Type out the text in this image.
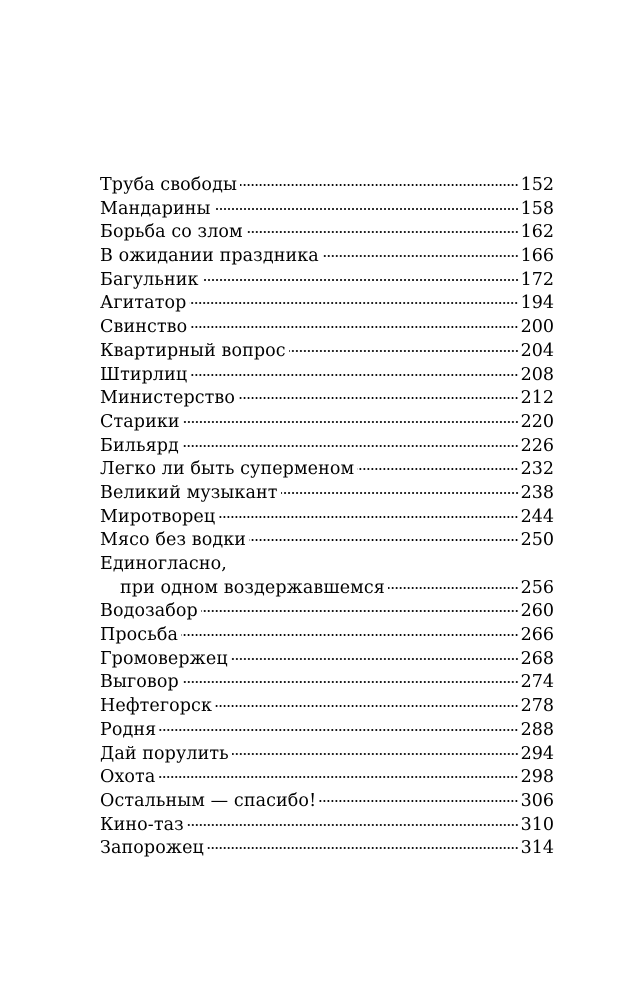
Труба свободы	152
Мандарины	158
Борьба со злом	162
В ожидании праздника	166
Багульник	172
Агитатор	194
Свинство	200
Квартирный вопрос	204
Штирлиц	208
Министерство	212
Старики	220
Бильярд	226
Легко ли быть суперменом	232
Великий музыкант	238
Миротворец	244
Мясо без водки	250
Единогласно,
при одном воздержавшемся	256
Водозабор	260
Просьба	266
Громовержец	268
Выговор	274
Нефтегорск	278
Родня	288
Дай порулить	294
Охота	298
Остальным — спасибо!	306
Кино-таз	310
Запорожец	314
